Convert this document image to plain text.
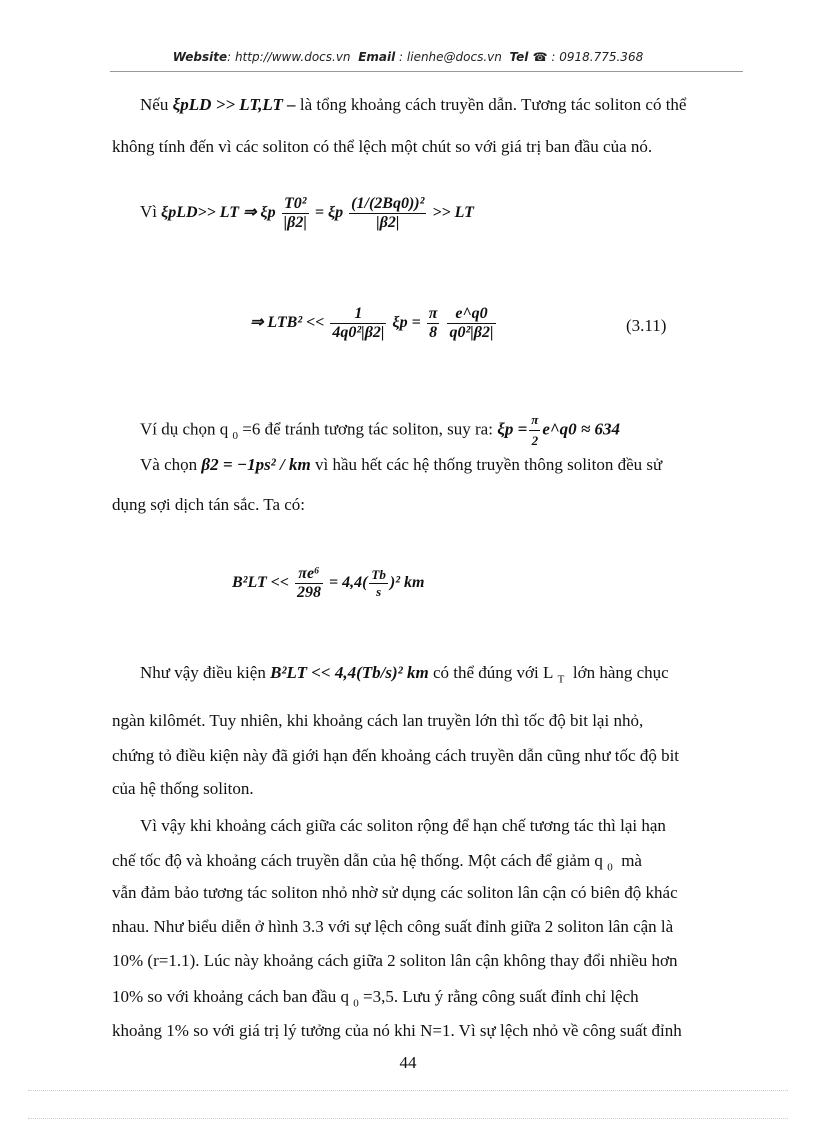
Website: http://www.docs.vn Email : lienhe@docs.vn Tel ☎ : 0918.775.368
Nếu ξpLD >> LT,LT – là tổng khoảng cách truyền dẫn. Tương tác soliton có thể
không tính đến vì các soliton có thể lệch một chút so với giá trị ban đầu của nó.
Vì ξpLD>> LT ⇒ ξp $\frac{\text{T0²}}{|\beta 2|} = \xi p \frac{\text{(1/(2Bq0))²}}{|\beta 2|}$ >> LT
⇒ $LTB^2 << \frac{1}{\text{4q0²|β2|}}$ $\xi p = \frac{\pi}{8}$
$\frac{e\^{}q0}{\text{q0²|β2|}}$	(3.11)
Ví dụ chọn q $_0$ =6 để tránh tương tác soliton, suy ra: $\xi p = \frac{\pi}{2}$ e^q0 ≈ 634
Và chọn β2 = −1ps² / km vì hầu hết các hệ thống truyền thông soliton đều sử
dụng sợi dịch tán sắc. Ta có:
$B^2LT << \frac{\text{πe⁶}}{298} = 4,4( \frac{Tb}{s} )^2$ km
Như vậy điều kiện B²LT << 4,4(Tb/s)² km có thể đúng với L $_T$ lớn hàng chục
ngàn kilômét. Tuy nhiên, khi khoảng cách lan truyền lớn thì tốc độ bit lại nhỏ,
chứng tỏ điều kiện này đã giới hạn đến khoảng cách truyền dẫn cũng như tốc độ bit
của hệ thống soliton.
Vì vậy khi khoảng cách giữa các soliton rộng để hạn chế tương tác thì lại hạn
chế tốc độ và khoảng cách truyền dẫn của hệ thống. Một cách để giảm q $_0$ mà
vẫn đảm bảo tương tác soliton nhỏ nhờ sử dụng các soliton lân cận có biên độ khác
nhau. Như biểu diễn ở hình 3.3 với sự lệch công suất đỉnh giữa 2 soliton lân cận là
10% (r=1.1). Lúc này khoảng cách giữa 2 soliton lân cận không thay đổi nhiều hơn
10% so với khoảng cách ban đầu q $_0$ =3,5. Lưu ý rằng công suất đỉnh chỉ lệch
khoảng 1% so với giá trị lý tưởng của nó khi N=1. Vì sự lệch nhỏ về công suất đỉnh
44
